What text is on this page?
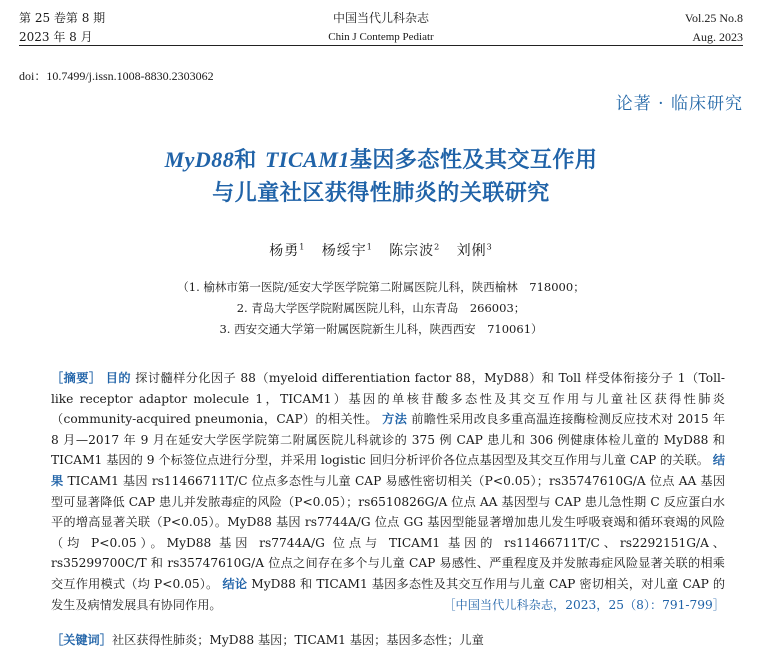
第 25 卷第 8 期
2023 年 8 月
中国当代儿科杂志
Chin J Contemp Pediatr
Vol.25 No.8
Aug. 2023
doi：10.7499/j.issn.1008-8830.2303062
论著 · 临床研究
MyD88和 TICAM1基因多态性及其交互作用
与儿童社区获得性肺炎的关联研究
杨勇$^1$ 杨绥宇$^1$ 陈宗波$^2$ 刘俐$^3$
（1. 榆林市第一医院/延安大学医学院第二附属医院儿科，陕西榆林　718000；
2. 青岛大学医学院附属医院儿科，山东青岛　266003；
3. 西安交通大学第一附属医院新生儿科，陕西西安　710061）
［摘要］ 目的 探讨髓样分化因子 88（myeloid differentiation factor 88，MyD88）和 Toll 样受体衔接分子 1（Toll-like receptor adaptor molecule 1，TICAM1）基因的单核苷酸多态性及其交互作用与儿童社区获得性肺炎（community-acquired pneumonia，CAP）的相关性。 方法 前瞻性采用改良多重高温连接酶检测反应技术对 2015 年 8 月—2017 年 9 月在延安大学医学院第二附属医院儿科就诊的 375 例 CAP 患儿和 306 例健康体检儿童的 MyD88 和 TICAM1 基因的 9 个标签位点进行分型，并采用 logistic 回归分析评价各位点基因型及其交互作用与儿童 CAP 的关联。 结果 TICAM1 基因 rs11466711T/C 位点多态性与儿童 CAP 易感性密切相关（P<0.05）；rs35747610G/A 位点 AA 基因型可显著降低 CAP 患儿并发脓毒症的风险（P<0.05）；rs6510826G/A 位点 AA 基因型与 CAP 患儿急性期 C 反应蛋白水平的增高显著关联（P<0.05）。MyD88 基因 rs7744A/G 位点 GG 基因型能显著增加患儿发生呼吸衰竭和循环衰竭的风险（均 P<0.05）。MyD88 基因 rs7744A/G 位点与 TICAM1 基因的 rs11466711T/C、rs2292151G/A、rs35299700C/T 和 rs35747610G/A 位点之间存在多个与儿童 CAP 易感性、严重程度及并发脓毒症风险显著关联的相乘交互作用模式（均 P<0.05）。 结论 MyD88 和 TICAM1 基因多态性及其交互作用与儿童 CAP 密切相关，对儿童 CAP 的发生及病情发展具有协同作用。	［中国当代儿科杂志，2023，25（8）：791-799］
［关键词］社区获得性肺炎；MyD88 基因；TICAM1 基因；基因多态性；儿童
